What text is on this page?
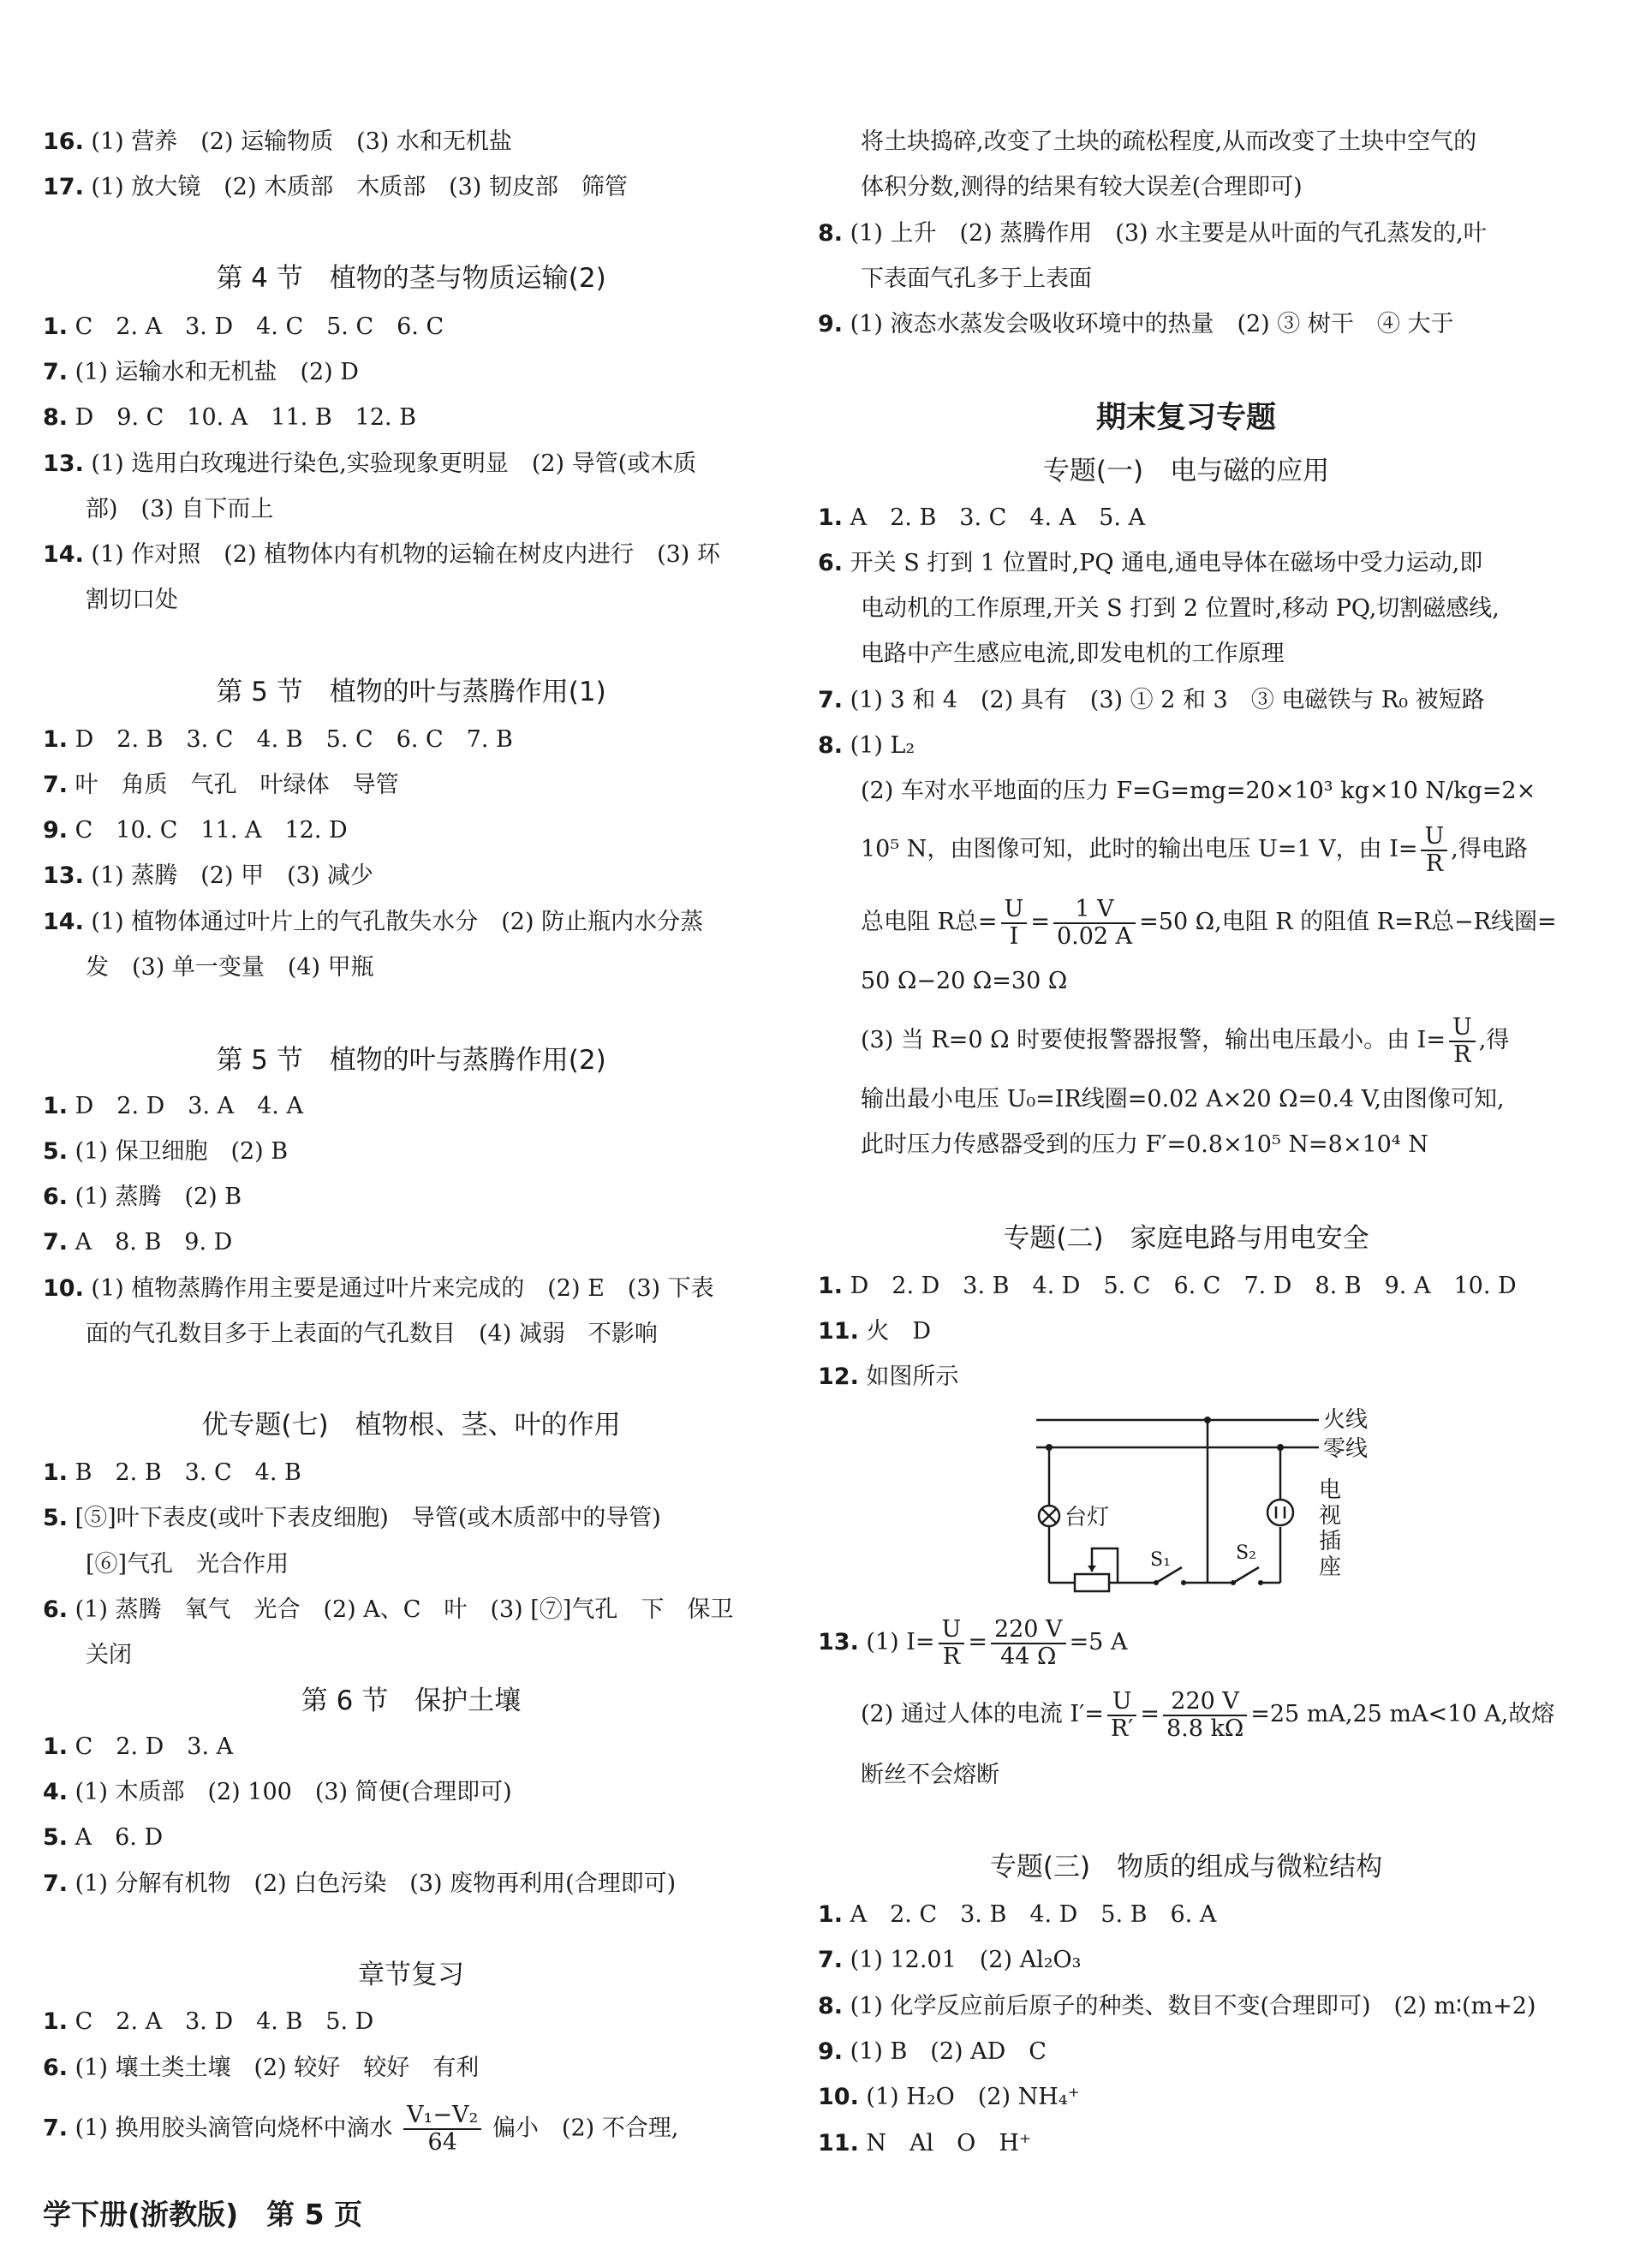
16. (1) 营养　(2) 运输物质　(3) 水和无机盐
17. (1) 放大镜　(2) 木质部　木质部　(3) 韧皮部　筛管
第 4 节　植物的茎与物质运输(2)
1. C　2. A　3. D　4. C　5. C　6. C
7. (1) 运输水和无机盐　(2) D
8. D　9. C　10. A　11. B　12. B
13. (1) 选用白玫瑰进行染色,实验现象更明显　(2) 导管(或木质
部)　(3) 自下而上
14. (1) 作对照　(2) 植物体内有机物的运输在树皮内进行　(3) 环
割切口处
第 5 节　植物的叶与蒸腾作用(1)
1. D　2. B　3. C　4. B　5. C　6. C　7. B
7. 叶　角质　气孔　叶绿体　导管
9. C　10. C　11. A　12. D
13. (1) 蒸腾　(2) 甲　(3) 减少
14. (1) 植物体通过叶片上的气孔散失水分　(2) 防止瓶内水分蒸
发　(3) 单一变量　(4) 甲瓶
第 5 节　植物的叶与蒸腾作用(2)
1. D　2. D　3. A　4. A
5. (1) 保卫细胞　(2) B
6. (1) 蒸腾　(2) B
7. A　8. B　9. D
10. (1) 植物蒸腾作用主要是通过叶片来完成的　(2) E　(3) 下表
面的气孔数目多于上表面的气孔数目　(4) 减弱　不影响
优专题(七)　植物根、茎、叶的作用
1. B　2. B　3. C　4. B
5. [⑤]叶下表皮(或叶下表皮细胞)　导管(或木质部中的导管)
[⑥]气孔　光合作用
6. (1) 蒸腾　氧气　光合　(2) A、C　叶　(3) [⑦]气孔　下　保卫
关闭
第 6 节　保护土壤
1. C　2. D　3. A
4. (1) 木质部　(2) 100　(3) 简便(合理即可)
5. A　6. D
7. (1) 分解有机物　(2) 白色污染　(3) 废物再利用(合理即可)
章节复习
1. C　2. A　3. D　4. B　5. D
6. (1) 壤土类土壤　(2) 较好　较好　有利
7. (1) 换用胶头滴管向烧杯中滴水 $\frac{\text{V₁−V₂}}{64}$ 偏小　(2) 不合理,
学下册(浙教版)　第 5 页
将土块捣碎,改变了土块的疏松程度,从而改变了土块中空气的
体积分数,测得的结果有较大误差(合理即可)
8. (1) 上升　(2) 蒸腾作用　(3) 水主要是从叶面的气孔蒸发的,叶
下表面气孔多于上表面
9. (1) 液态水蒸发会吸收环境中的热量　(2) ③ 树干　④ 大于
期末复习专题
专题(一)　电与磁的应用
1. A　2. B　3. C　4. A　5. A
6. 开关 S 打到 1 位置时,PQ 通电,通电导体在磁场中受力运动,即
电动机的工作原理,开关 S 打到 2 位置时,移动 PQ,切割磁感线,
电路中产生感应电流,即发电机的工作原理
7. (1) 3 和 4　(2) 具有　(3) ① 2 和 3　③ 电磁铁与 R₀ 被短路
8. (1) L₂
(2) 车对水平地面的压力 F=G=mg=20×10³ kg×10 N/kg=2×
10⁵ N，由图像可知，此时的输出电压 U=1 V，由 $I= \frac{U}{R}$ ,得电路
总电阻 R总= $\frac{U}{I} = \frac{1 V}{0.02 A} =50$ Ω,电阻 R 的阻值 R=R总−R线圈=
50 Ω−20 Ω=30 Ω
(3) 当 R=0 Ω 时要使报警器报警，输出电压最小。由 $I= \frac{U}{R}$ ,得
输出最小电压 U₀=IR线圈=0.02 A×20 Ω=0.4 V,由图像可知,
此时压力传感器受到的压力 F′=0.8×10⁵ N=8×10⁴ N
专题(二)　家庭电路与用电安全
1. D　2. D　3. B　4. D　5. C　6. C　7. D　8. B　9. A　10. D
11. 火　D
12. 如图所示
13. (1) $I= \frac{U}{R} = \frac{220 V}{44 \Omega} =5$ A
(2) 通过人体的电流 $I'= \frac{U}{R'} = \frac{220 V}{8.8 k\Omega} =25$ mA,25 mA<10 A,故熔
断丝不会熔断
专题(三)　物质的组成与微粒结构
1. A　2. C　3. B　4. D　5. B　6. A
7. (1) 12.01　(2) Al₂O₃
8. (1) 化学反应前后原子的种类、数目不变(合理即可)　(2) m∶(m+2)
9. (1) B　(2) AD　C
10. (1) H₂O　(2) NH₄⁺
11. N　Al　O　H⁺
火线
零线
台灯
S₁	S₂
电
视
插
座
